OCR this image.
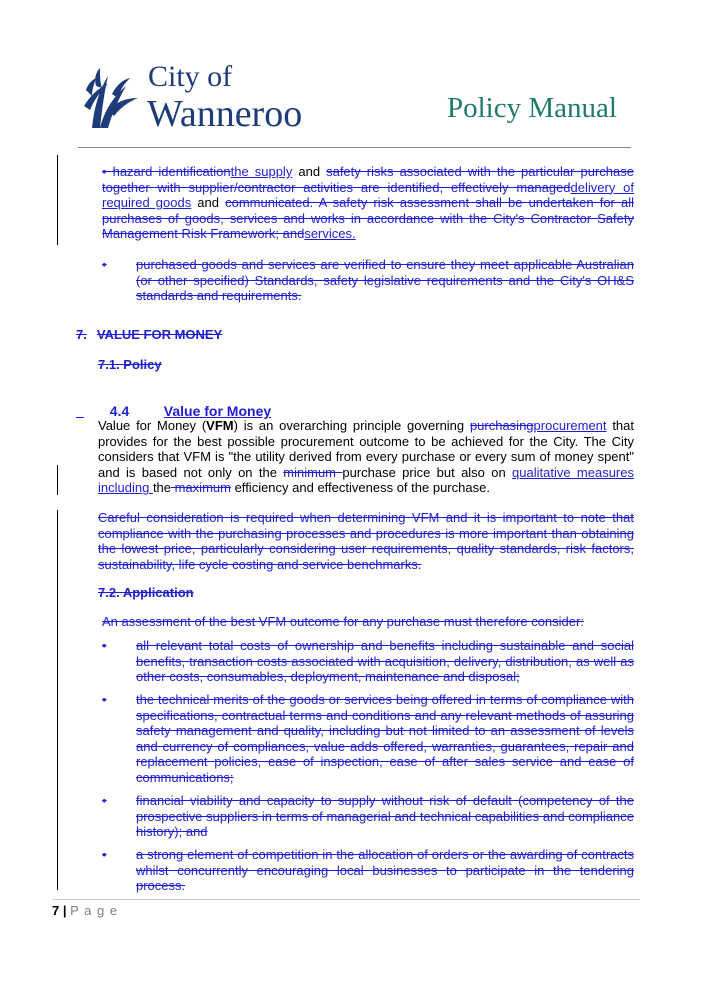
City of
Wanneroo	Policy Manual
• hazard identificationthe supply and safety risks associated with the particular purchase together with supplier/contractor activities are identified, effectively manageddelivery of required goods and communicated. A safety risk assessment shall be undertaken for all purchases of goods, services and works in accordance with the City's Contractor Safety Management Risk Framework; andservices.
• purchased goods and services are verified to ensure they meet applicable Australian (or other specified) Standards, safety legislative requirements and the City's OH&S standards and requirements.
7. VALUE FOR MONEY
7.1. Policy

4.4 Value for Money

Value for Money (VFM) is an overarching principle governing purchasingprocurement that provides for the best possible procurement outcome to be achieved for the City. The City considers that VFM is "the utility derived from every purchase or every sum of money spent" and is based not only on the minimum purchase price but also on qualitative measures including the maximum efficiency and effectiveness of the purchase.
Careful consideration is required when determining VFM and it is important to note that compliance with the purchasing processes and procedures is more important than obtaining the lowest price, particularly considering user requirements, quality standards, risk factors, sustainability, life cycle costing and service benchmarks.
7.2. Application
An assessment of the best VFM outcome for any purchase must therefore consider:
• all relevant total costs of ownership and benefits including sustainable and social benefits, transaction costs associated with acquisition, delivery, distribution, as well as other costs, consumables, deployment, maintenance and disposal;
• the technical merits of the goods or services being offered in terms of compliance with specifications, contractual terms and conditions and any relevant methods of assuring safety management and quality, including but not limited to an assessment of levels and currency of compliances, value adds offered, warranties, guarantees, repair and replacement policies, ease of inspection, ease of after sales service and ease of communications;
• financial viability and capacity to supply without risk of default (competency of the prospective suppliers in terms of managerial and technical capabilities and compliance history); and
• a strong element of competition in the allocation of orders or the awarding of contracts whilst concurrently encouraging local businesses to participate in the tendering process.
7 | P a g e
